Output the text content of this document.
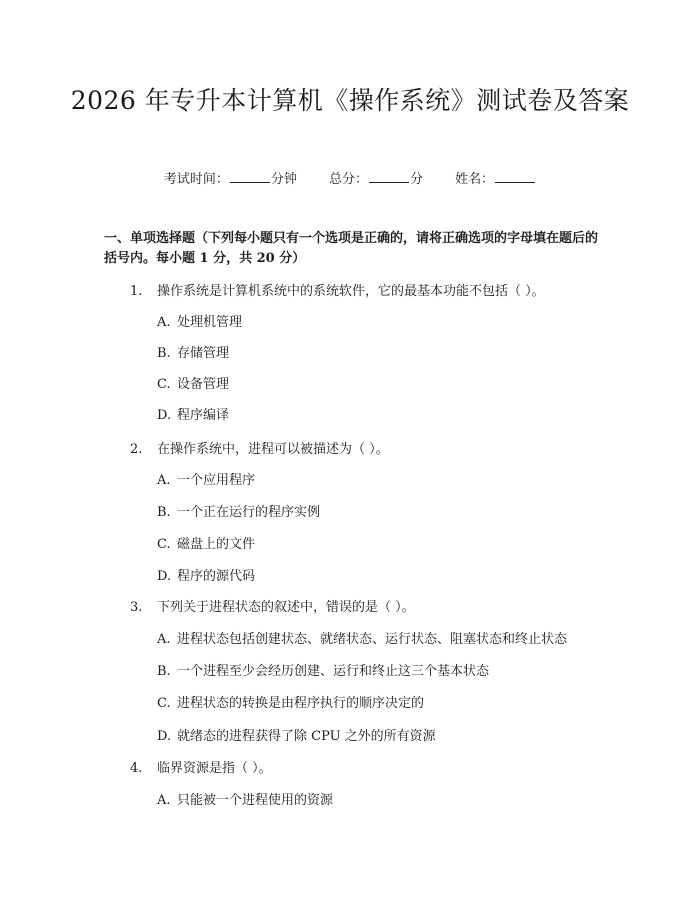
2026 年专升本计算机《操作系统》测试卷及答案
考试时间：	分钟 总分：	分 姓名：
一、单项选择题（下列每小题只有一个选项是正确的，请将正确选项的字母填在题后的括号内。每小题 1 分，共 20 分）
1. 操作系统是计算机系统中的系统软件，它的最基本功能不包括（ ）。
A. 处理机管理
B. 存储管理
C. 设备管理
D. 程序编译
2. 在操作系统中，进程可以被描述为（ ）。
A. 一个应用程序
B. 一个正在运行的程序实例
C. 磁盘上的文件
D. 程序的源代码
3. 下列关于进程状态的叙述中，错误的是（ ）。
A. 进程状态包括创建状态、就绪状态、运行状态、阻塞状态和终止状态
B. 一个进程至少会经历创建、运行和终止这三个基本状态
C. 进程状态的转换是由程序执行的顺序决定的
D. 就绪态的进程获得了除 CPU 之外的所有资源
4. 临界资源是指（ ）。
A. 只能被一个进程使用的资源
